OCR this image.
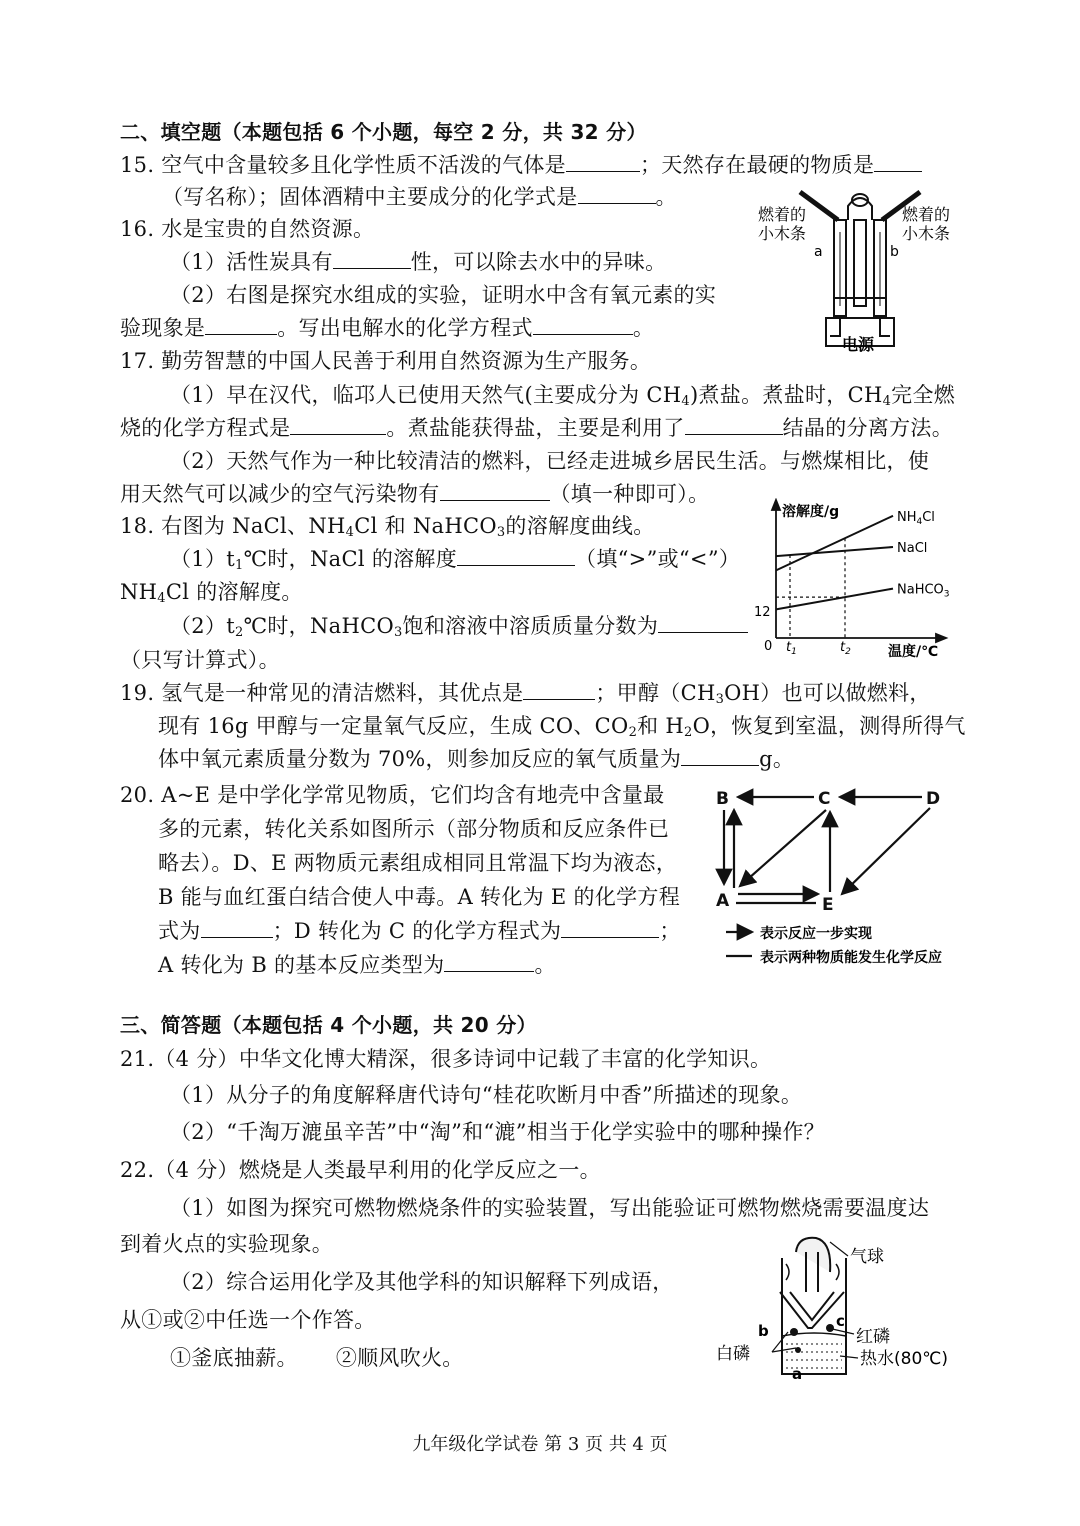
二、填空题（本题包括 6 个小题，每空 2 分，共 32 分）
15. 空气中含量较多且化学性质不活泼的气体是	；天然存在最硬的物质是
（写名称）；固体酒精中主要成分的化学式是	。
16. 水是宝贵的自然资源。
（1）活性炭具有	性，可以除去水中的异味。
（2）右图是探究水组成的实验，证明水中含有氧元素的实
验现象是	。写出电解水的化学方程式	。
燃着的
小木条
燃着的
小木条
a	b
电源
17. 勤劳智慧的中国人民善于利用自然资源为生产服务。
（1）早在汉代，临邛人已使用天然气(主要成分为 $CH_4$)煮盐。煮盐时，$CH_4$完全燃
烧的化学方程式是	。煮盐能获得盐，主要是利用了	结晶的分离方法。
（2）天然气作为一种比较清洁的燃料，已经走进城乡居民生活。与燃煤相比，使
用天然气可以减少的空气污染物有	（填一种即可）。
18. 右图为 NaCl、$NH_4Cl$ 和 NaHCO$_3$的溶解度曲线。
$(1)t_1℃$时，NaCl 的溶解度	（填“>”或“<”）
$NH_4Cl$ 的溶解度。
$(2)t_2℃$时，NaHCO$_3$饱和溶液中溶质质量分数为
（只写计算式）。
溶解度/g
温度/℃
0
12
$NH_4Cl$
NaCl
NaHCO$_3$
$t_1$	$t_2$
19. 氢气是一种常见的清洁燃料，其优点是	；甲醇$(CH_3OH)$也可以做燃料，
现有 16g 甲醇与一定量氧气反应，生成 CO、$CO_2$和 $H_2O$，恢复到室温，测得所得气
体中氧元素质量分数为 70%，则参加反应的氧气质量为	g。
20. A~E 是中学化学常见物质，它们均含有地壳中含量最
多的元素，转化关系如图所示（部分物质和反应条件已
略去）。D、E 两物质元素组成相同且常温下均为液态，
B 能与血红蛋白结合使人中毒。A 转化为 E 的化学方程
式为	；D 转化为 C 的化学方程式为	；
A 转化为 B 的基本反应类型为	。
B	C	D
A	E
表示反应一步实现
表示两种物质能发生化学反应
三、简答题（本题包括 4 个小题，共 20 分）
21.（4 分）中华文化博大精深，很多诗词中记载了丰富的化学知识。
（1）从分子的角度解释唐代诗句“桂花吹断月中香”所描述的现象。
（2）“千淘万漉虽辛苦”中“淘”和“漉”相当于化学实验中的哪种操作？
22.（4 分）燃烧是人类最早利用的化学反应之一。
（1）如图为探究可燃物燃烧条件的实验装置，写出能验证可燃物燃烧需要温度达
到着火点的实验现象。
（2）综合运用化学及其他学科的知识解释下列成语，
从①或②中任选一个作答。
①釜底抽薪。 ②顺风吹火。
气球
b
c
红磷
白磷	热水(80℃)
a
九年级化学试卷 第 3 页 共 4 页
